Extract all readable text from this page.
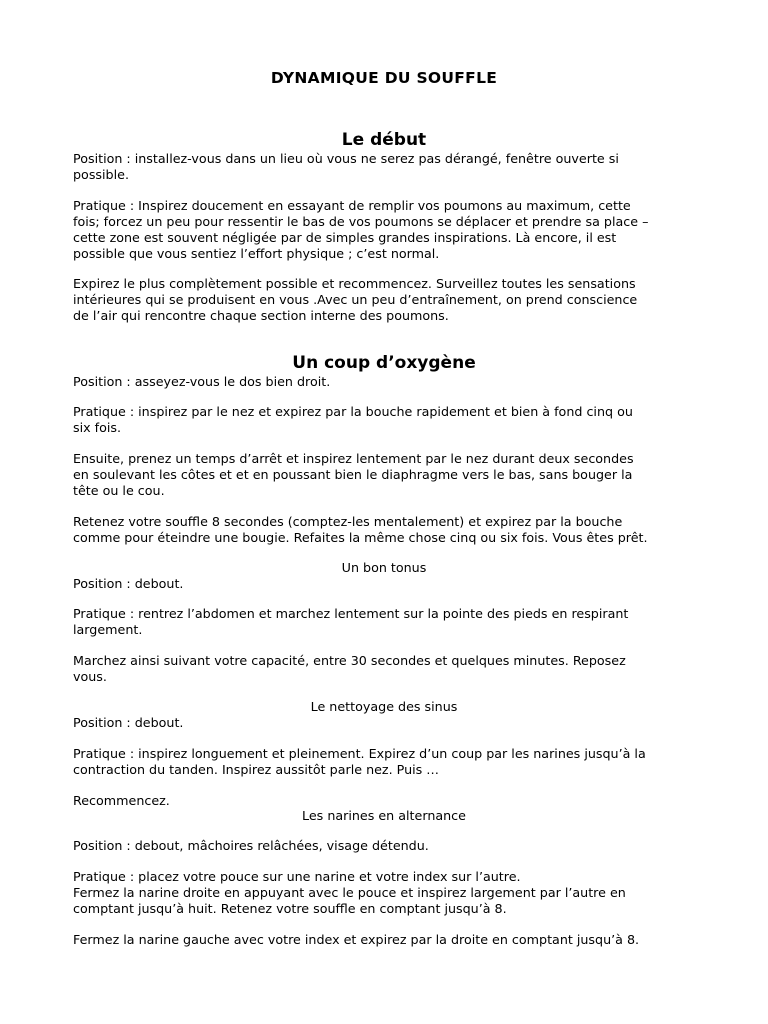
DYNAMIQUE DU SOUFFLE
Le début
Position : installez-vous dans un lieu où vous ne serez pas dérangé, fenêtre ouverte si
possible.
Pratique : Inspirez doucement en essayant de remplir vos poumons au maximum, cette
fois; forcez un peu pour ressentir le bas de vos poumons se déplacer et prendre sa place –
cette zone est souvent négligée par de simples grandes inspirations. Là encore, il est
possible que vous sentiez l’effort physique ; c’est normal.
Expirez le plus complètement possible et recommencez. Surveillez toutes les sensations
intérieures qui se produisent en vous .Avec un peu d’entraînement, on prend conscience
de l’air qui rencontre chaque section interne des poumons.
Un coup d’oxygène
Position : asseyez-vous le dos bien droit.
Pratique : inspirez par le nez et expirez par la bouche rapidement et bien à fond cinq ou
six fois.
Ensuite, prenez un temps d’arrêt et inspirez lentement par le nez durant deux secondes
en soulevant les côtes et et en poussant bien le diaphragme vers le bas, sans bouger la
tête ou le cou.
Retenez votre souffle 8 secondes (comptez-les mentalement) et expirez par la bouche
comme pour éteindre une bougie. Refaites la même chose cinq ou six fois. Vous êtes prêt.
Un bon tonus
Position : debout.
Pratique : rentrez l’abdomen et marchez lentement sur la pointe des pieds en respirant
largement.
Marchez ainsi suivant votre capacité, entre 30 secondes et quelques minutes. Reposez
vous.
Le nettoyage des sinus
Position : debout.
Pratique : inspirez longuement et pleinement. Expirez d’un coup par les narines jusqu’à la
contraction du tanden. Inspirez aussitôt parle nez. Puis …
Recommencez.
Les narines en alternance
Position : debout, mâchoires relâchées, visage détendu.
Pratique : placez votre pouce sur une narine et votre index sur l’autre.
Fermez la narine droite en appuyant avec le pouce et inspirez largement par l’autre en
comptant jusqu’à huit. Retenez votre souffle en comptant jusqu’à 8.
Fermez la narine gauche avec votre index et expirez par la droite en comptant jusqu’à 8.
